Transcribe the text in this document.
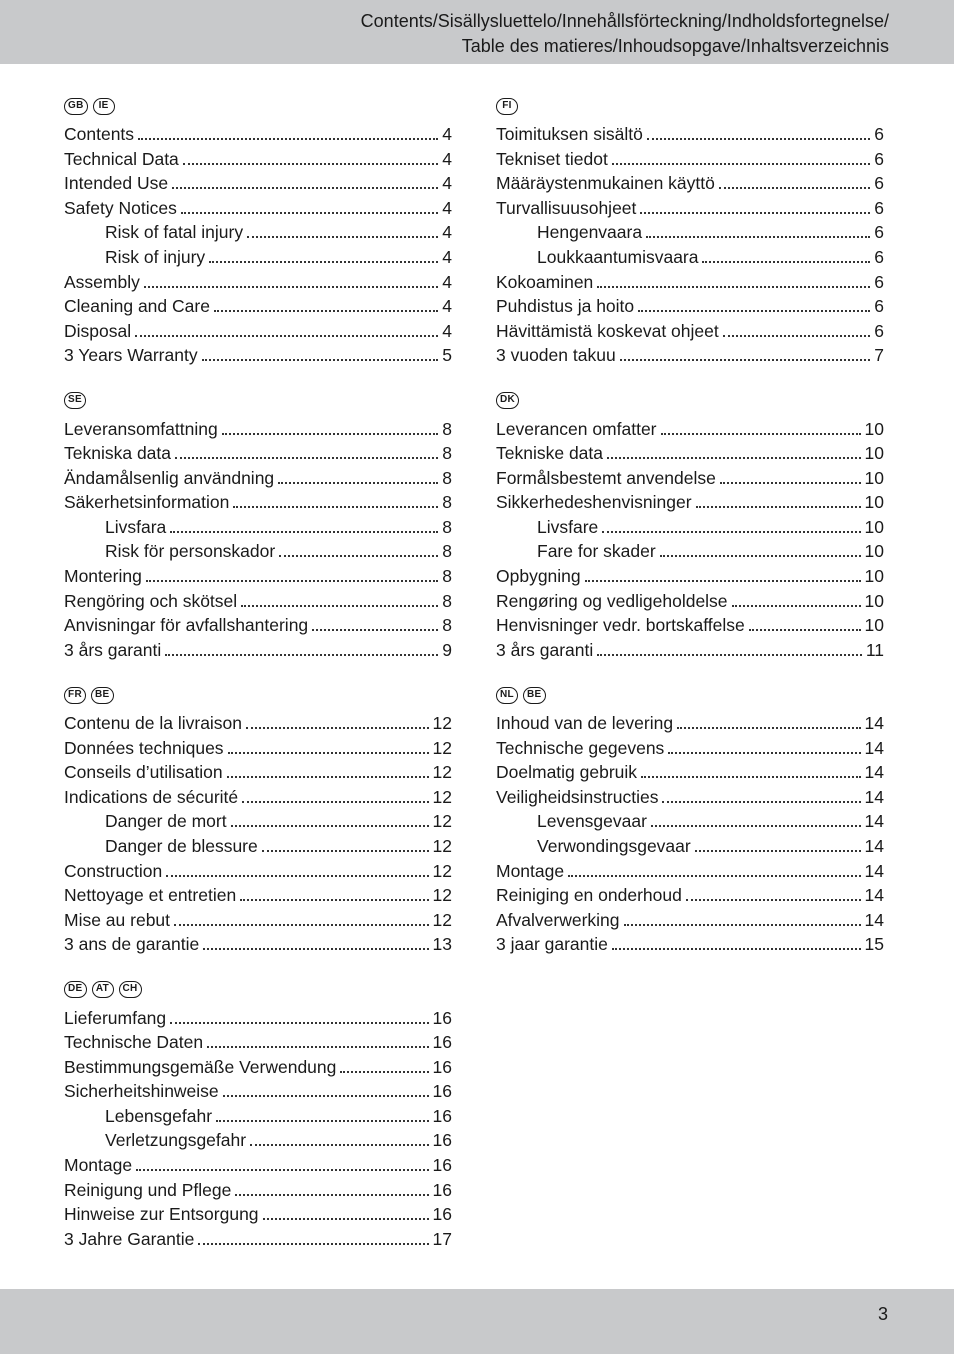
Contents/Sisällysluettelo/Innehållsförteckning/Indholdsfortegnelse/
Table des matieres/Inhoudsopgave/Inhaltsverzeichnis
GB	IE
Contents	4
Technical Data	4
Intended Use	4
Safety Notices	4
Risk of fatal injury	4
Risk of injury	4
Assembly	4
Cleaning and Care	4
Disposal	4
3 Years Warranty	5
SE
Leveransomfattning	8
Tekniska data	8
Ändamålsenlig användning	8
Säkerhetsinformation	8
Livsfara	8
Risk för personskador	8
Montering	8
Rengöring och skötsel	8
Anvisningar för avfallshantering	8
3 års garanti	9
FR	BE
Contenu de la livraison	12
Données techniques	12
Conseils d’utilisation	12
Indications de sécurité	12
Danger de mort	12
Danger de blessure	12
Construction	12
Nettoyage et entretien	12
Mise au rebut	12
3 ans de garantie	13
DE	AT	CH
Lieferumfang	16
Technische Daten	16
Bestimmungsgemäße Verwendung	16
Sicherheitshinweise	16
Lebensgefahr	16
Verletzungsgefahr	16
Montage	16
Reinigung und Pflege	16
Hinweise zur Entsorgung	16
3 Jahre Garantie	17
FI
Toimituksen sisältö	6
Tekniset tiedot	6
Määräystenmukainen käyttö	6
Turvallisuusohjeet	6
Hengenvaara	6
Loukkaantumisvaara	6
Kokoaminen	6
Puhdistus ja hoito	6
Hävittämistä koskevat ohjeet	6
3 vuoden takuu	7
DK
Leverancen omfatter	10
Tekniske data	10
Formålsbestemt anvendelse	10
Sikkerhedeshenvisninger	10
Livsfare	10
Fare for skader	10
Opbygning	10
Rengøring og vedligeholdelse	10
Henvisninger vedr. bortskaffelse	10
3 års garanti	11
NL	BE
Inhoud van de levering	14
Technische gegevens	14
Doelmatig gebruik	14
Veiligheidsinstructies	14
Levensgevaar	14
Verwondingsgevaar	14
Montage	14
Reiniging en onderhoud	14
Afvalverwerking	14
3 jaar garantie	15
3
